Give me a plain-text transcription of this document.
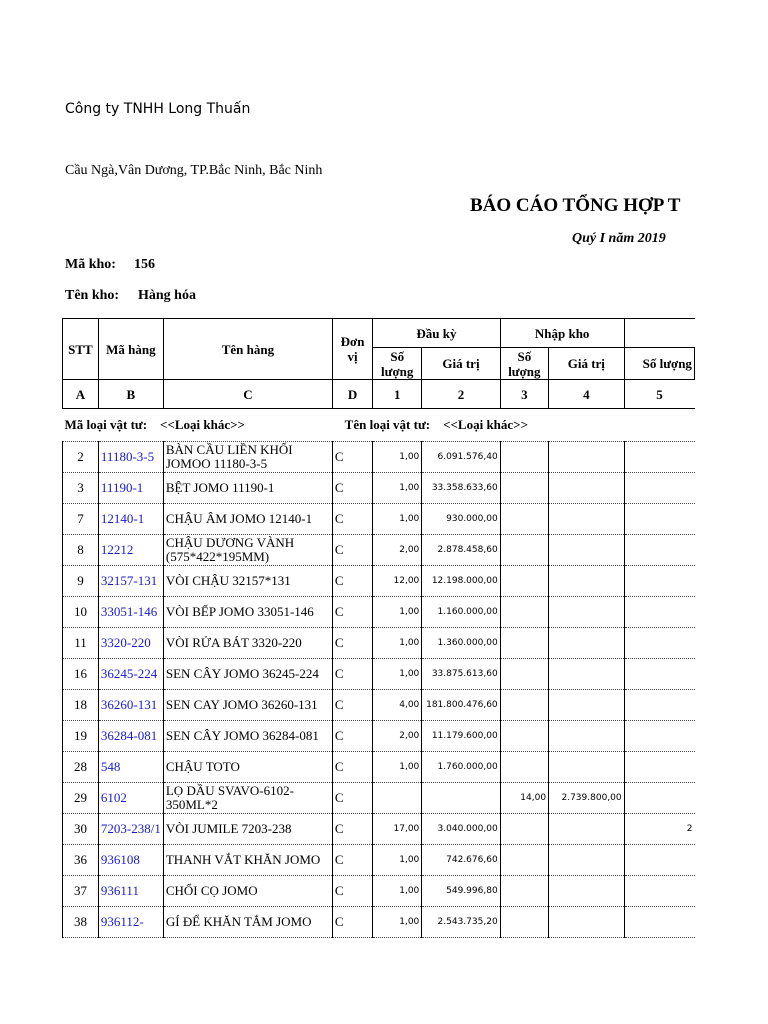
Công ty TNHH Long Thuấn
Cầu Ngà,Vân Dương, TP.Bắc Ninh, Bắc Ninh
BÁO CÁO TỔNG HỢP T
Quý I năm 2019
Mã kho: 156
Tên kho: Hàng hóa
STT	Mã hàng	Tên hàng	Đơn vị	Đầu kỳ		Nhập kho		
				Số lượng	Giá trị	Số lượng	Giá trị	Số lượng
A	B	C	D	1	2	3	4	5
Mã loại vật tư: <<Loại khác>>				Tên loại vật tư: <<Loại khác>>				
2	11180-3-5	BÀN CẦU LIỀN KHỐI JOMOO 11180-3-5	C	1,00	6.091.576,40			
3	11190-1	BỆT JOMO 11190-1	C	1,00	33.358.633,60			
7	12140-1	CHẬU ÂM JOMO 12140-1	C	1,00	930.000,00			
8	12212	CHẬU DƯƠNG VÀNH (575*422*195MM)	C	2,00	2.878.458,60			
9	32157-131	VÒI CHẬU 32157*131	C	12,00	12.198.000,00			
10	33051-146	VÒI BẾP JOMO 33051-146	C	1,00	1.160.000,00			
11	3320-220	VÒI RỬA BÁT 3320-220	C	1,00	1.360.000,00			
16	36245-224	SEN CÂY JOMO 36245-224	C	1,00	33.875.613,60			
18	36260-131	SEN CAY JOMO 36260-131	C	4,00	181.800.476,60			
19	36284-081	SEN CÂY JOMO 36284-081	C	2,00	11.179.600,00			
28	548	CHẬU TOTO	C	1,00	1.760.000,00			
29	6102	LỌ DẦU SVAVO-6102-350ML*2	C			14,00	2.739.800,00	
30	7203-238/1	VÒI JUMILE 7203-238	C	17,00	3.040.000,00			2
36	936108	THANH VẮT KHĂN JOMO	C	1,00	742.676,60			
37	936111	CHỔI CỌ JOMO	C	1,00	549.996,80			
38	936112-	GÍ ĐỂ KHĂN TẮM JOMO	C	1,00	2.543.735,20			
